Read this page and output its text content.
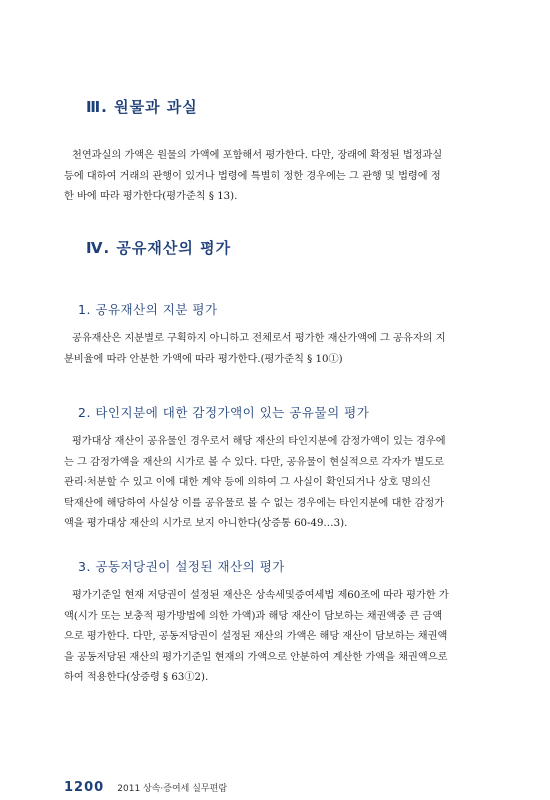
Ⅲ. 원물과 과실
천연과실의 가액은 원물의 가액에 포함해서 평가한다. 다만, 장래에 확정된 법정과실
등에 대하여 거래의 관행이 있거나 법령에 특별히 정한 경우에는 그 관행 및 법령에 정
한 바에 따라 평가한다(평가준칙 § 13).
Ⅳ. 공유재산의 평가
1. 공유재산의 지분 평가
공유재산은 지분별로 구획하지 아니하고 전체로서 평가한 재산가액에 그 공유자의 지
분비율에 따라 안분한 가액에 따라 평가한다.(평가준칙 § 10①)
2. 타인지분에 대한 감정가액이 있는 공유물의 평가
평가대상 재산이 공유물인 경우로서 해당 재산의 타인지분에 감정가액이 있는 경우에
는 그 감정가액을 재산의 시가로 볼 수 있다. 다만, 공유물이 현실적으로 각자가 별도로
관리·처분할 수 있고 이에 대한 계약 등에 의하여 그 사실이 확인되거나 상호 명의신
탁재산에 해당하여 사실상 이를 공유물로 볼 수 없는 경우에는 타인지분에 대한 감정가
액을 평가대상 재산의 시가로 보지 아니한다(상증통 60-49…3).
3. 공동저당권이 설정된 재산의 평가
평가기준일 현재 저당권이 설정된 재산은 상속세및증여세법 제60조에 따라 평가한 가
액(시가 또는 보충적 평가방법에 의한 가액)과 해당 재산이 담보하는 채권액중 큰 금액
으로 평가한다. 다만, 공동저당권이 설정된 재산의 가액은 해당 재산이 담보하는 채권액
을 공동저당된 재산의 평가기준일 현재의 가액으로 안분하여 계산한 가액을 채권액으로
하여 적용한다(상증령 § 63①2).
1200 2011 상속·증여세 실무편람
